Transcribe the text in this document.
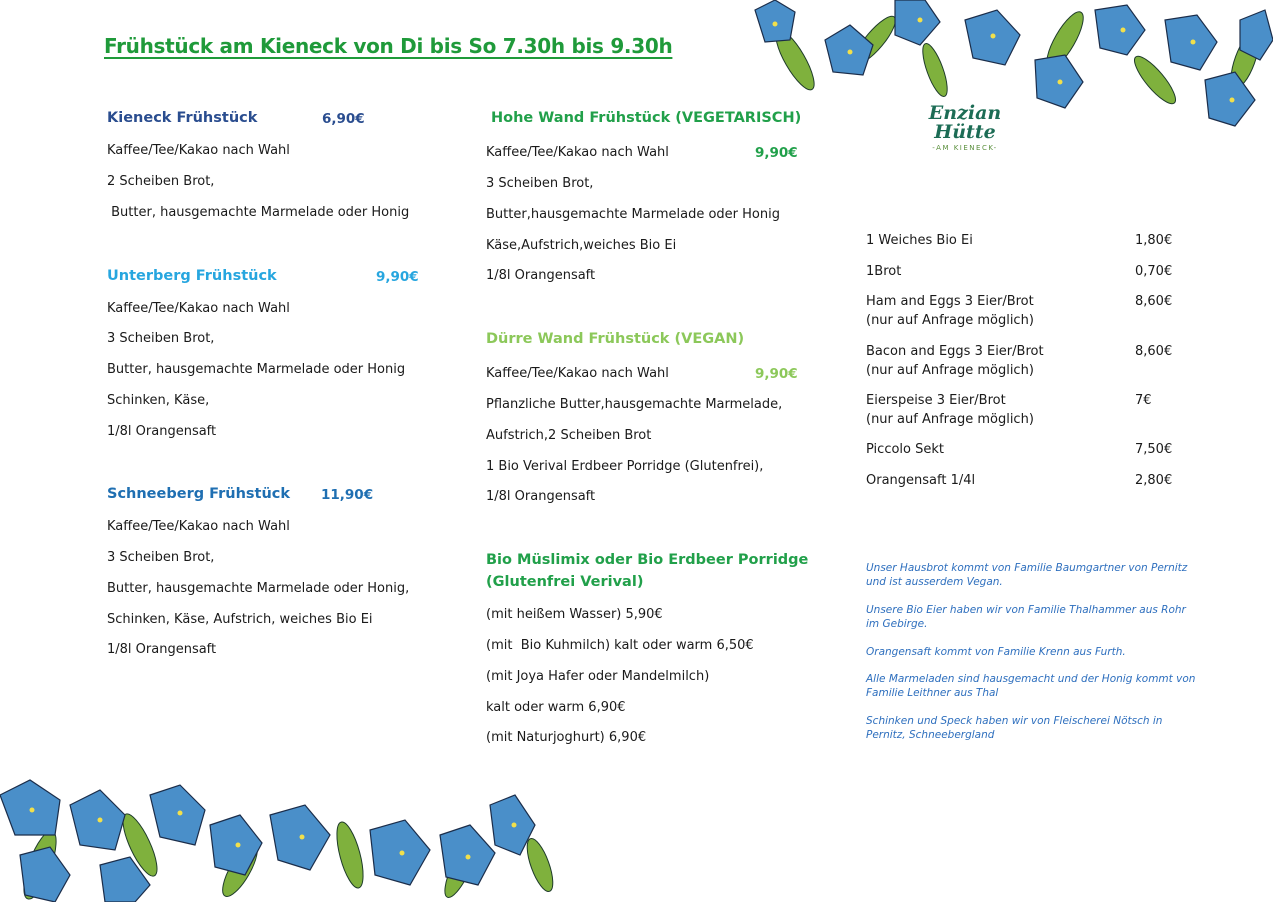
Frühstück am Kieneck von Di bis So 7.30h bis 9.30h
Enzian
Hütte
-AM KIENECK-
Kieneck Frühstück	6,90€
Kaffee/Tee/Kakao nach Wahl
2 Scheiben Brot,
Butter, hausgemachte Marmelade oder Honig
Unterberg Frühstück	9,90€
Kaffee/Tee/Kakao nach Wahl
3 Scheiben Brot,
Butter, hausgemachte Marmelade oder Honig
Schinken, Käse,
1/8l Orangensaft
Schneeberg Frühstück 11,90€
Kaffee/Tee/Kakao nach Wahl
3 Scheiben Brot,
Butter, hausgemachte Marmelade oder Honig,
Schinken, Käse, Aufstrich, weiches Bio Ei
1/8l Orangensaft
Hohe Wand Frühstück (VEGETARISCH)
Kaffee/Tee/Kakao nach Wahl	9,90€
3 Scheiben Brot,
Butter,hausgemachte Marmelade oder Honig
Käse,Aufstrich,weiches Bio Ei
1/8l Orangensaft
Dürre Wand Frühstück (VEGAN)
Kaffee/Tee/Kakao nach Wahl	9,90€
Pflanzliche Butter,hausgemachte Marmelade,
Aufstrich,2 Scheiben Brot
1 Bio Verival Erdbeer Porridge (Glutenfrei),
1/8l Orangensaft
Bio Müslimix oder Bio Erdbeer Porridge
(Glutenfrei Verival)
(mit heißem Wasser) 5,90€
(mit  Bio Kuhmilch) kalt oder warm 6,50€
(mit Joya Hafer oder Mandelmilch)
kalt oder warm 6,90€
(mit Naturjoghurt) 6,90€
1 Weiches Bio Ei	1,80€
1Brot	0,70€
Ham and Eggs 3 Eier/Brot
(nur auf Anfrage möglich)
8,60€
Bacon and Eggs 3 Eier/Brot
(nur auf Anfrage möglich)
8,60€
Eierspeise 3 Eier/Brot
(nur auf Anfrage möglich)
7€
Piccolo Sekt	7,50€
Orangensaft 1/4l	2,80€
Unser Hausbrot kommt von Familie Baumgartner von Pernitz und ist ausserdem Vegan.
Unsere Bio Eier haben wir von Familie Thalhammer aus Rohr im Gebirge.
Orangensaft kommt von Familie Krenn aus Furth.
Alle Marmeladen sind hausgemacht und der Honig kommt von Familie Leithner aus Thal
Schinken und Speck haben wir von Fleischerei Nötsch in Pernitz, Schneebergland
